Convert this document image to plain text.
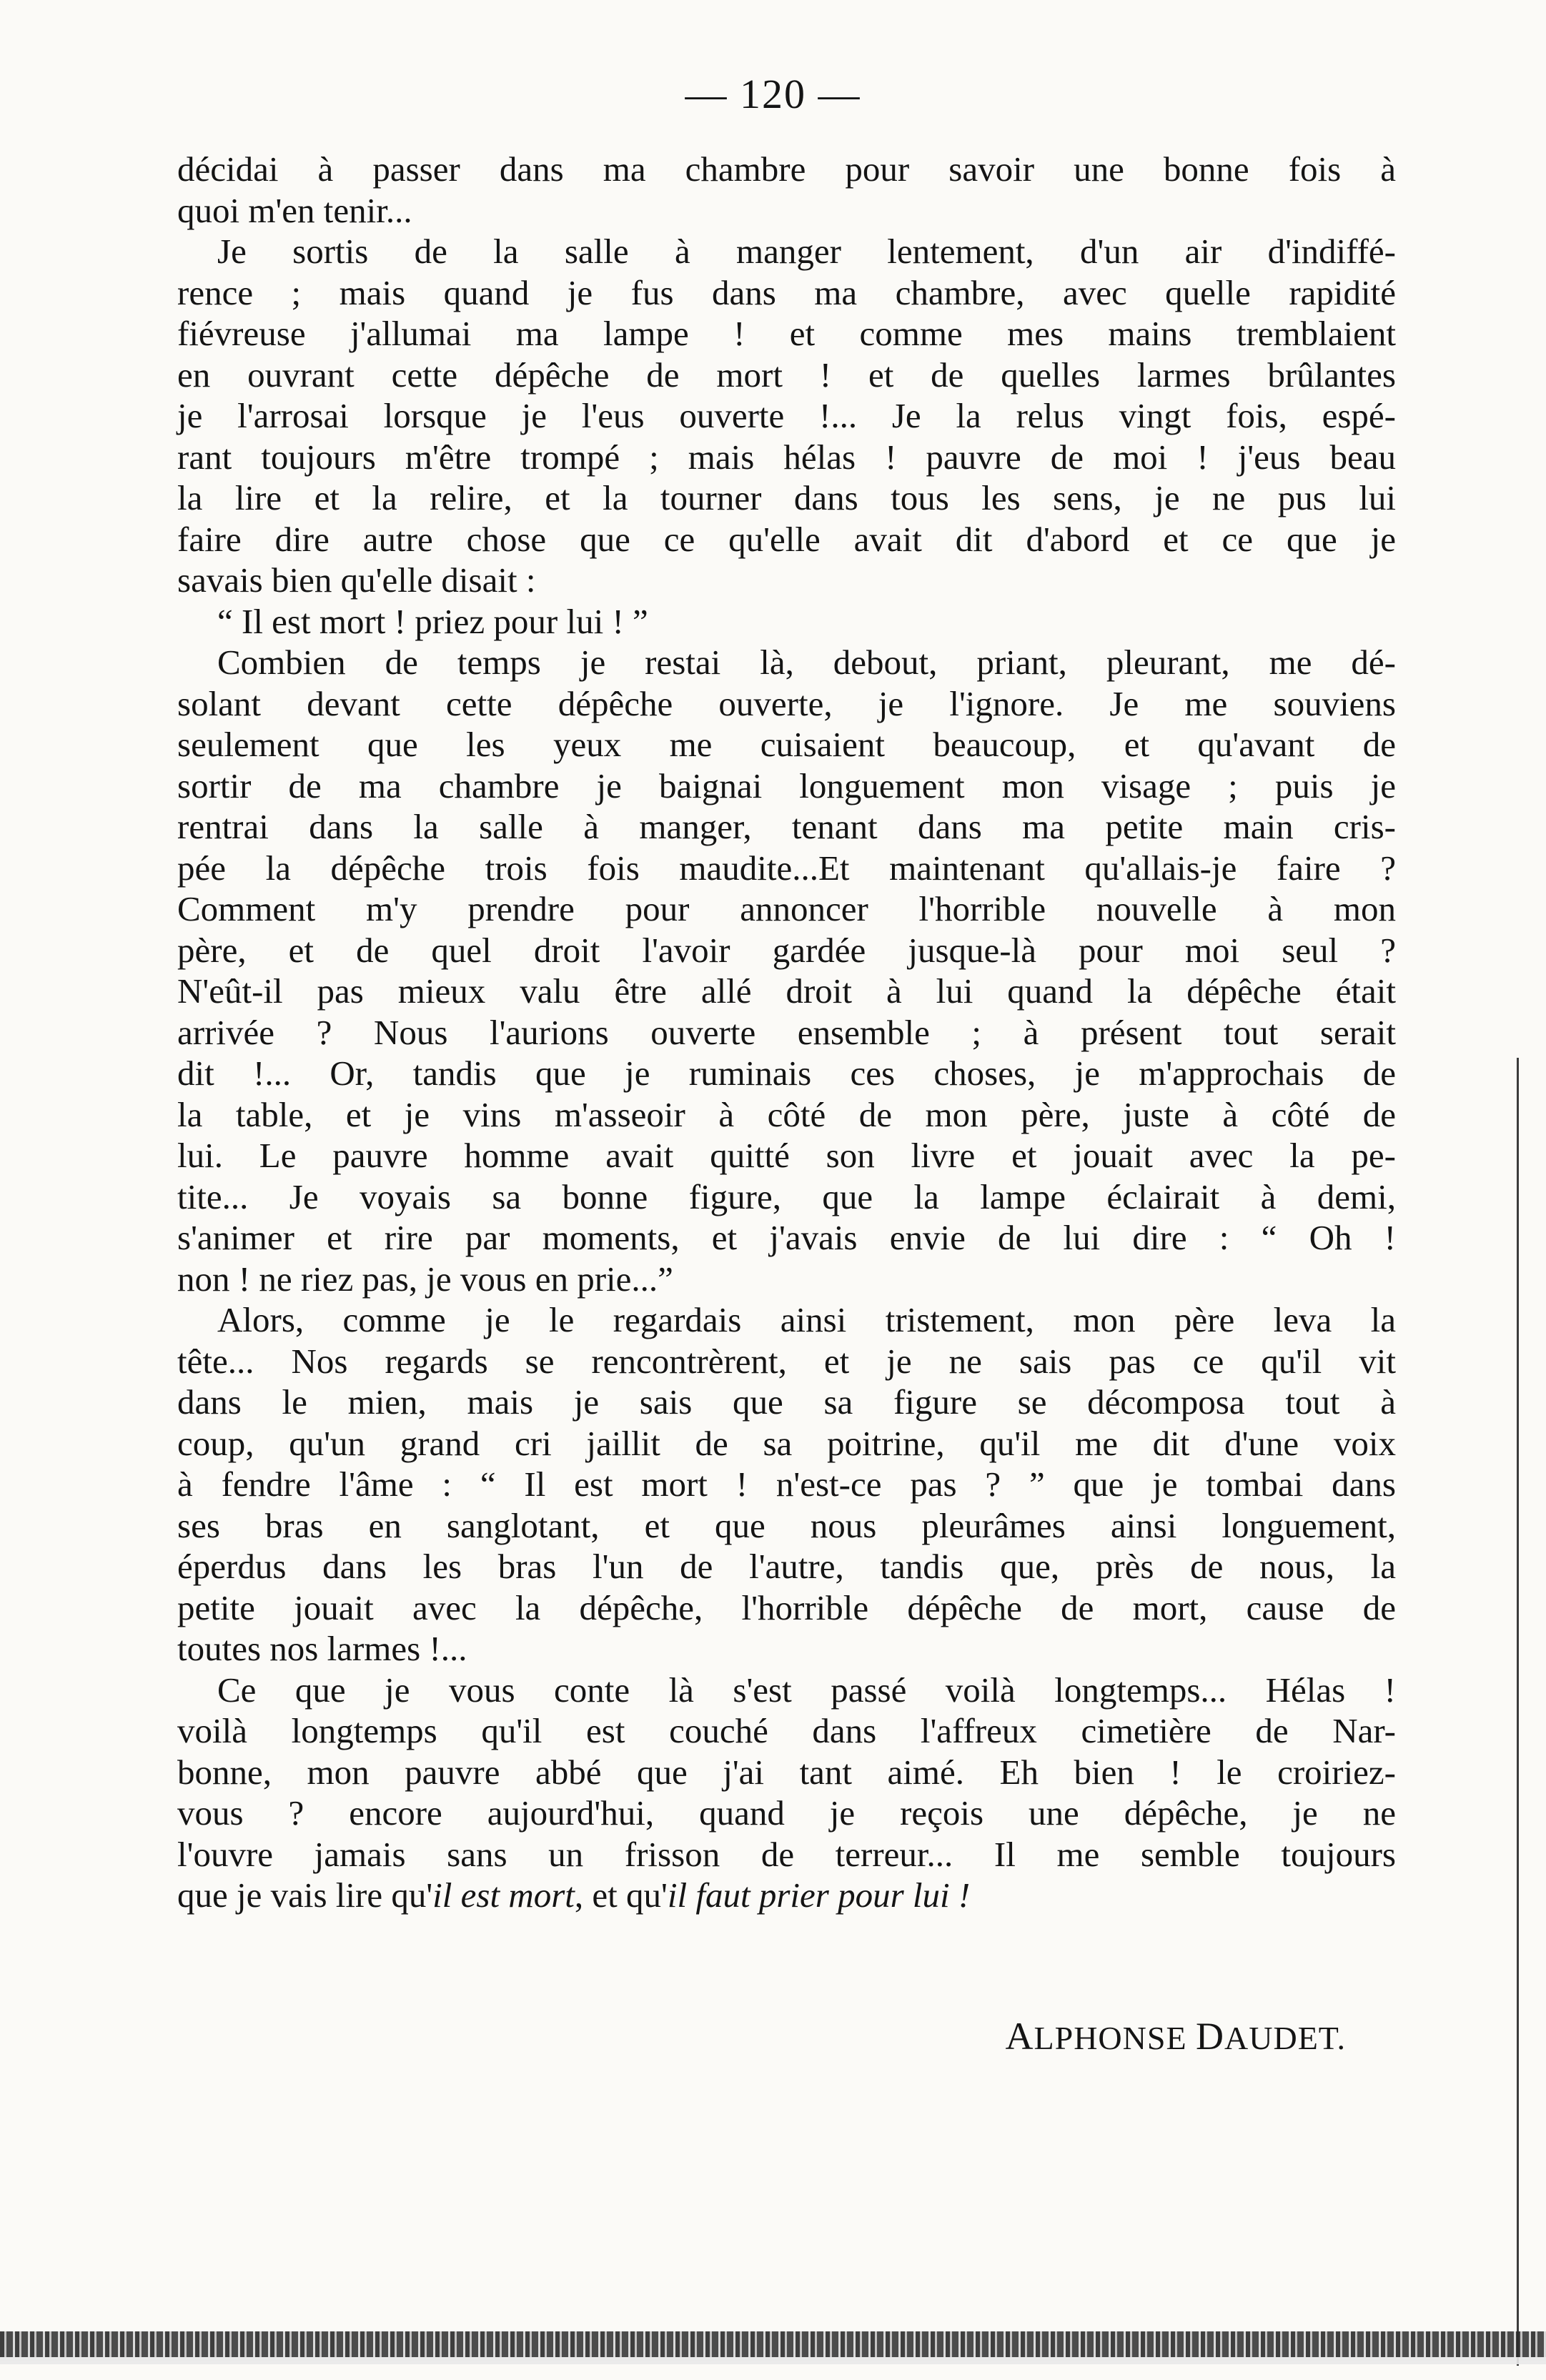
— 120 —
décidai à passer dans ma chambre pour savoir une bonne fois à
quoi m'en tenir...
Je sortis de la salle à manger lentement, d'un air d'indiffé-
rence ; mais quand je fus dans ma chambre, avec quelle rapidité
fiévreuse j'allumai ma lampe ! et comme mes mains tremblaient
en ouvrant cette dépêche de mort ! et de quelles larmes brûlantes
je l'arrosai lorsque je l'eus ouverte !... Je la relus vingt fois, espé-
rant toujours m'être trompé ; mais hélas ! pauvre de moi ! j'eus beau
la lire et la relire, et la tourner dans tous les sens, je ne pus lui
faire dire autre chose que ce qu'elle avait dit d'abord et ce que je
savais bien qu'elle disait :
“ Il est mort ! priez pour lui ! ”
Combien de temps je restai là, debout, priant, pleurant, me dé-
solant devant cette dépêche ouverte, je l'ignore. Je me souviens
seulement que les yeux me cuisaient beaucoup, et qu'avant de
sortir de ma chambre je baignai longuement mon visage ; puis je
rentrai dans la salle à manger, tenant dans ma petite main cris-
pée la dépêche trois fois maudite...Et maintenant qu'allais-je faire ?
Comment m'y prendre pour annoncer l'horrible nouvelle à mon
père, et de quel droit l'avoir gardée jusque-là pour moi seul ?
N'eût-il pas mieux valu être allé droit à lui quand la dépêche était
arrivée ? Nous l'aurions ouverte ensemble ; à présent tout serait
dit !... Or, tandis que je ruminais ces choses, je m'approchais de
la table, et je vins m'asseoir à côté de mon père, juste à côté de
lui. Le pauvre homme avait quitté son livre et jouait avec la pe-
tite... Je voyais sa bonne figure, que la lampe éclairait à demi,
s'animer et rire par moments, et j'avais envie de lui dire : “ Oh !
non ! ne riez pas, je vous en prie...”
Alors, comme je le regardais ainsi tristement, mon père leva la
tête... Nos regards se rencontrèrent, et je ne sais pas ce qu'il vit
dans le mien, mais je sais que sa figure se décomposa tout à
coup, qu'un grand cri jaillit de sa poitrine, qu'il me dit d'une voix
à fendre l'âme : “ Il est mort ! n'est-ce pas ? ” que je tombai dans
ses bras en sanglotant, et que nous pleurâmes ainsi longuement,
éperdus dans les bras l'un de l'autre, tandis que, près de nous, la
petite jouait avec la dépêche, l'horrible dépêche de mort, cause de
toutes nos larmes !...
Ce que je vous conte là s'est passé voilà longtemps... Hélas !
voilà longtemps qu'il est couché dans l'affreux cimetière de Nar-
bonne, mon pauvre abbé que j'ai tant aimé. Eh bien ! le croiriez-
vous ? encore aujourd'hui, quand je reçois une dépêche, je ne
l'ouvre jamais sans un frisson de terreur... Il me semble toujours
que je vais lire qu'il est mort, et qu'il faut prier pour lui !
ALPHONSE DAUDET.
